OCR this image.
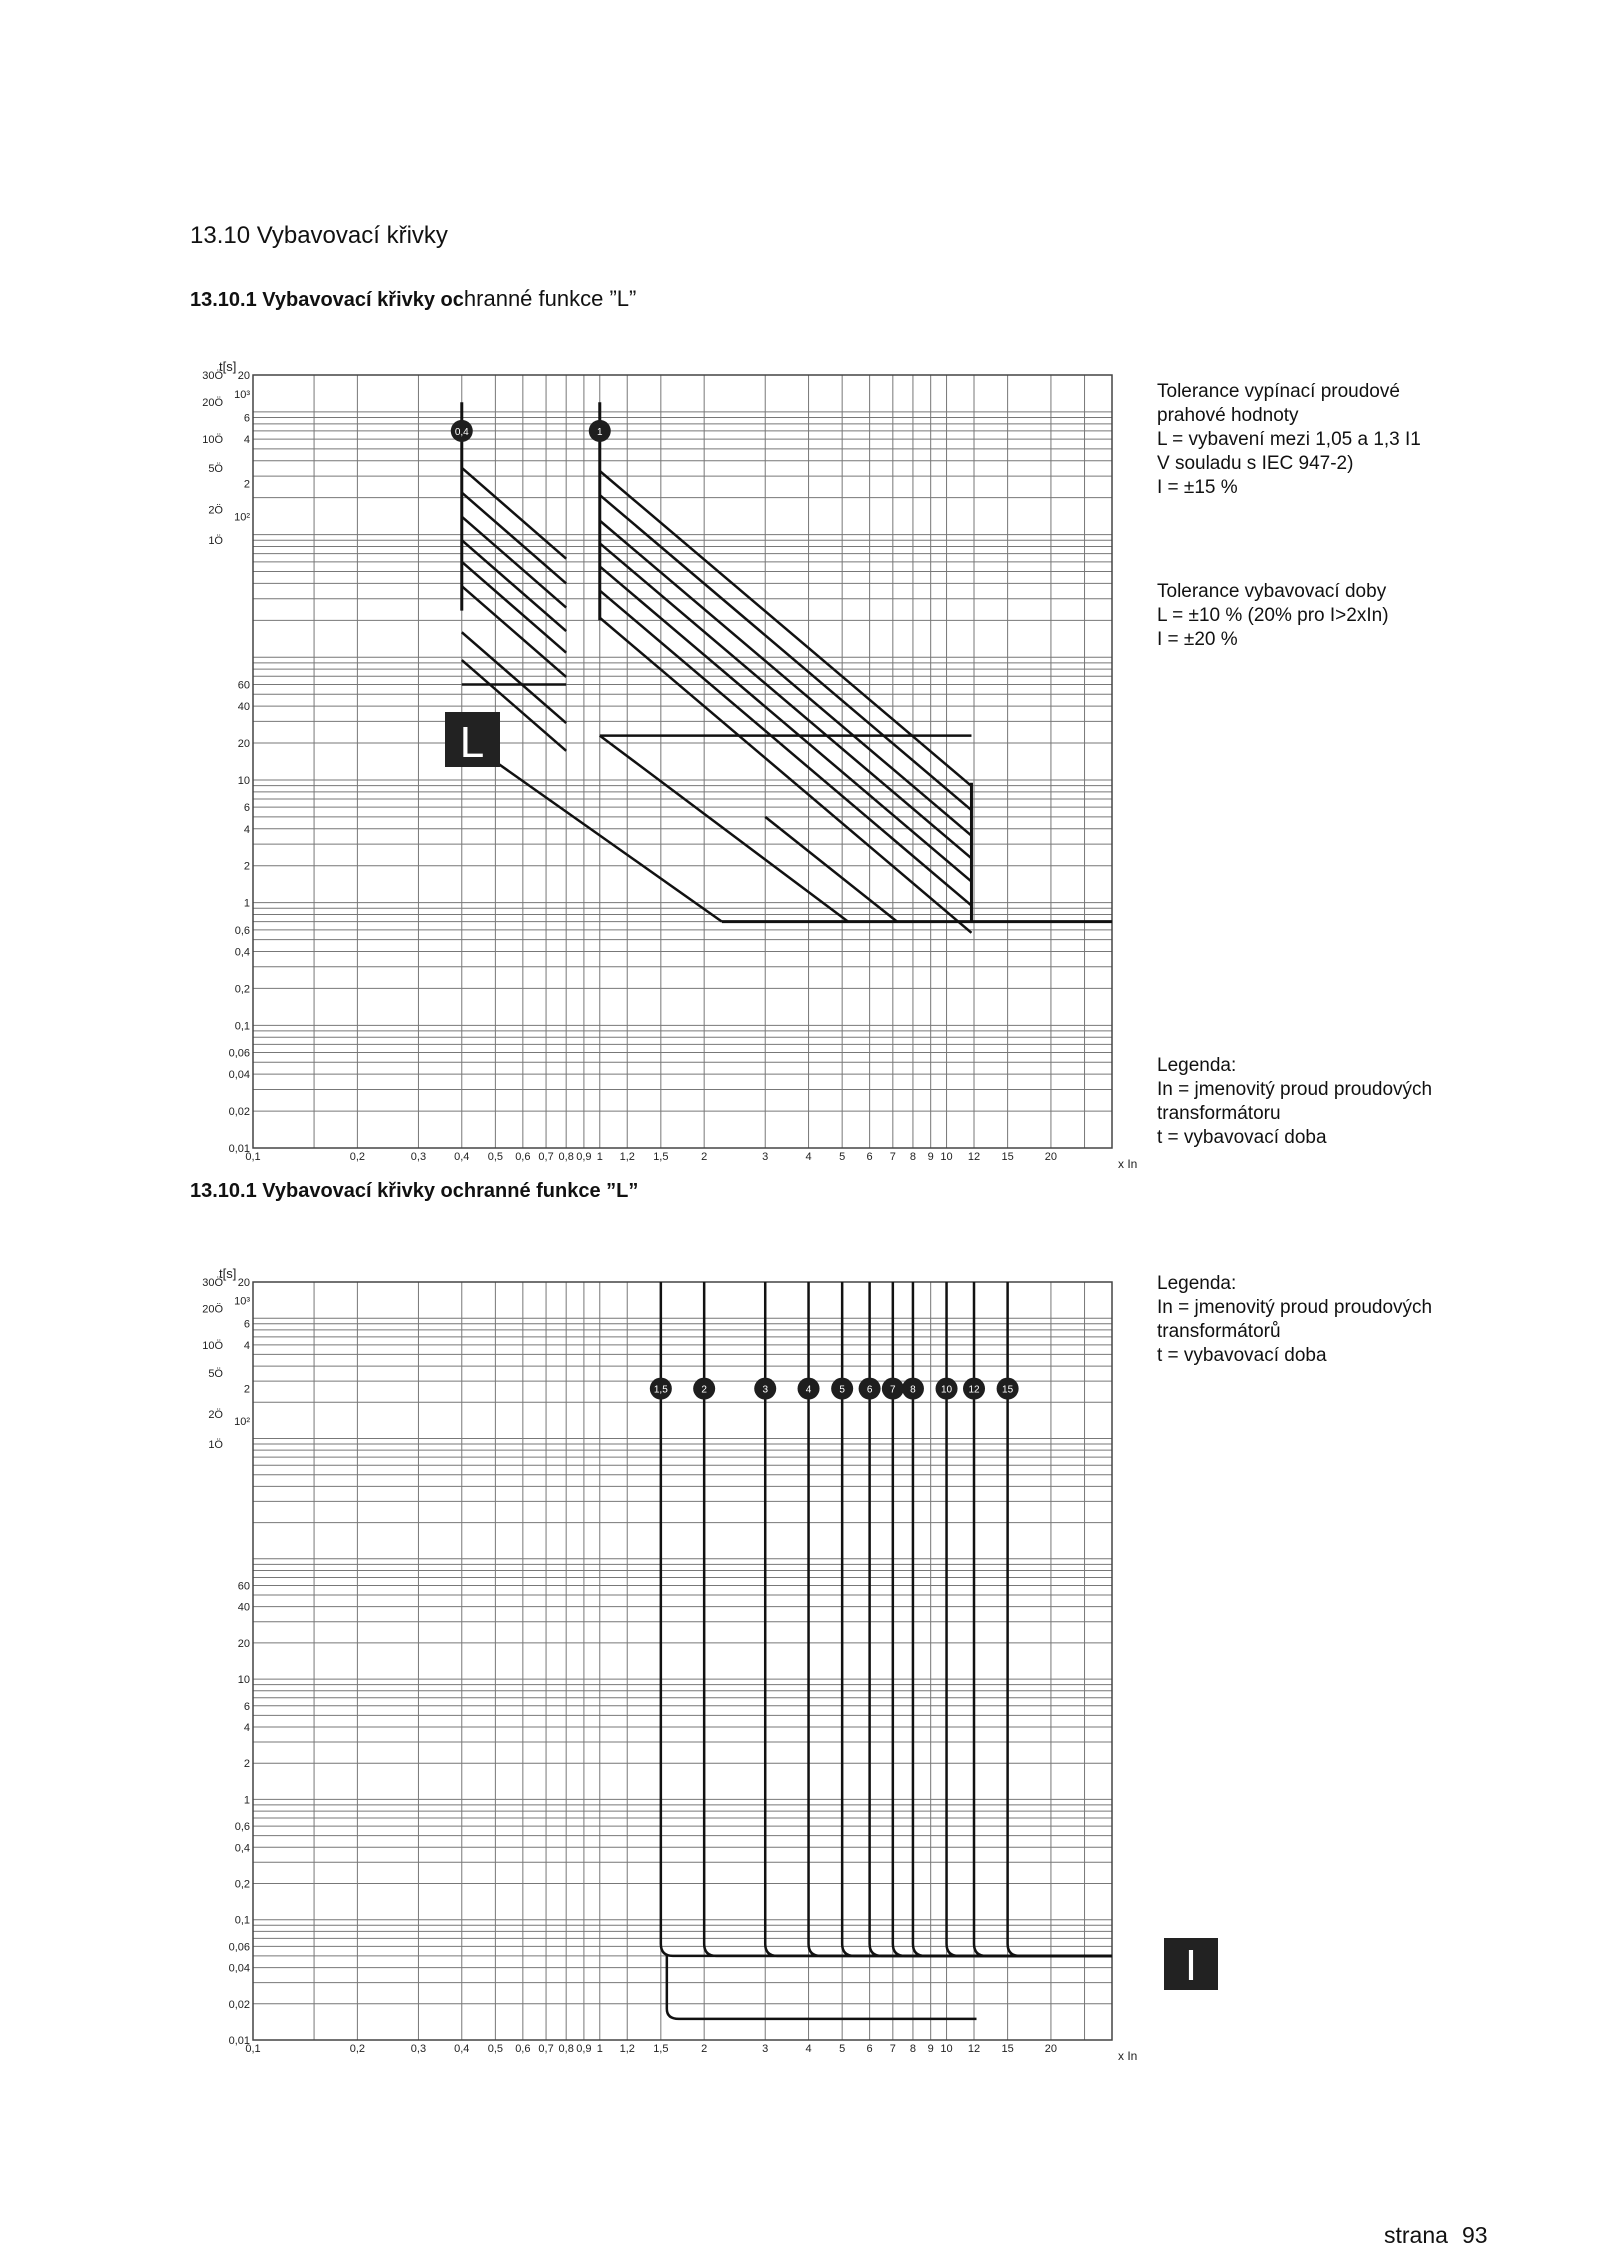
13.10 Vybavovací křivky
13.10.1 Vybavovací křivky ochranné funkce ”L”
13.10.1 Vybavovací křivky ochranné funkce ”L”
0,1	0,2	0,3	0,4 0,5 0,6 0,7 0,8 0,9 1 1,2 1,5	2	3	4 5 6 7 8 9 10 12 15	20	x In
20
10³
6
4
2
10²
60
40
20
10
6
4
2
1
0,6
0,4
0,2
0,1
0,06
0,04
0,02
0,01
30Ö
20Ö
10Ö
5Ö
2Ö
1Ö
t[s]
0,4	1
L
0,1	0,2	0,3	0,4 0,5 0,6 0,7 0,8 0,9 1 1,2 1,5	2	3	4 5 6 7 8 9 10 12 15	20	x In
20
10³
6
4
2
10²
60
40
20
10
6
4
2
1
0,6
0,4
0,2
0,1
0,06
0,04
0,02
0,01
30Ö
20Ö
10Ö
5Ö
2Ö
1Ö
t[s]
1,5	2	3	4	5 6 7 8	10 12 15
I
Tolerance vypínací proudové
prahové hodnoty
L = vybavení mezi 1,05 a 1,3 I1
V souladu s IEC 947-2)
I = ±15 %
Tolerance vybavovací doby
L = ±10 % (20% pro I>2xIn)
I = ±20 %
Legenda:
In = jmenovitý proud proudových
transformátoru
t = vybavovací doba
Legenda:
In = jmenovitý proud proudových
transformátorů
t = vybavovací doba
strana 93
